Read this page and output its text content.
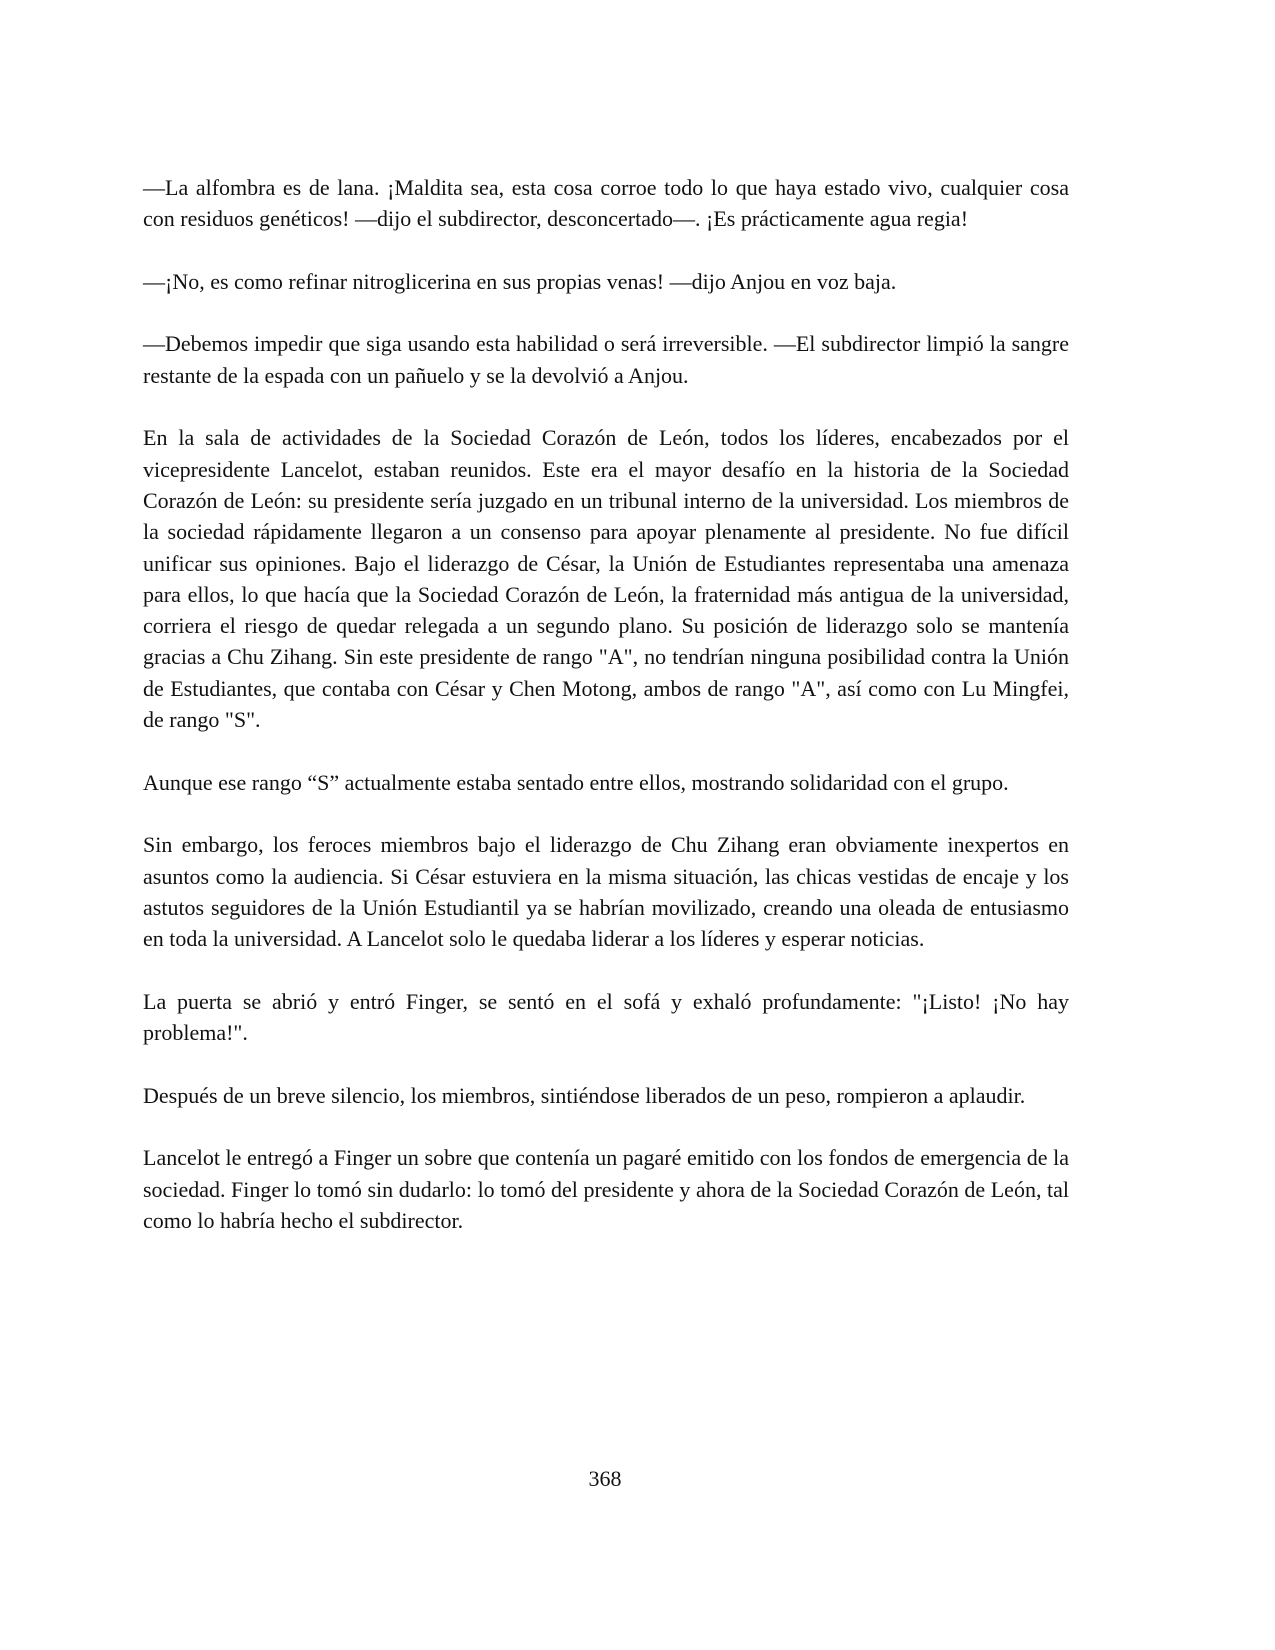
—La alfombra es de lana. ¡Maldita sea, esta cosa corroe todo lo que haya estado vivo, cualquier cosa con residuos genéticos! —dijo el subdirector, desconcertado—. ¡Es prácticamente agua regia!

—¡No, es como refinar nitroglicerina en sus propias venas! —dijo Anjou en voz baja.

—Debemos impedir que siga usando esta habilidad o será irreversible. —El subdirector limpió la sangre restante de la espada con un pañuelo y se la devolvió a Anjou.

En la sala de actividades de la Sociedad Corazón de León, todos los líderes, encabezados por el vicepresidente Lancelot, estaban reunidos. Este era el mayor desafío en la historia de la Sociedad Corazón de León: su presidente sería juzgado en un tribunal interno de la universidad. Los miembros de la sociedad rápidamente llegaron a un consenso para apoyar plenamente al presidente. No fue difícil unificar sus opiniones. Bajo el liderazgo de César, la Unión de Estudiantes representaba una amenaza para ellos, lo que hacía que la Sociedad Corazón de León, la fraternidad más antigua de la universidad, corriera el riesgo de quedar relegada a un segundo plano. Su posición de liderazgo solo se mantenía gracias a Chu Zihang. Sin este presidente de rango "A", no tendrían ninguna posibilidad contra la Unión de Estudiantes, que contaba con César y Chen Motong, ambos de rango "A", así como con Lu Mingfei, de rango "S".

Aunque ese rango “S” actualmente estaba sentado entre ellos, mostrando solidaridad con el grupo.

Sin embargo, los feroces miembros bajo el liderazgo de Chu Zihang eran obviamente inexpertos en asuntos como la audiencia. Si César estuviera en la misma situación, las chicas vestidas de encaje y los astutos seguidores de la Unión Estudiantil ya se habrían movilizado, creando una oleada de entusiasmo en toda la universidad. A Lancelot solo le quedaba liderar a los líderes y esperar noticias.

La puerta se abrió y entró Finger, se sentó en el sofá y exhaló profundamente: "¡Listo! ¡No hay problema!".

Después de un breve silencio, los miembros, sintiéndose liberados de un peso, rompieron a aplaudir.

Lancelot le entregó a Finger un sobre que contenía un pagaré emitido con los fondos de emergencia de la sociedad. Finger lo tomó sin dudarlo: lo tomó del presidente y ahora de la Sociedad Corazón de León, tal como lo habría hecho el subdirector.

368
